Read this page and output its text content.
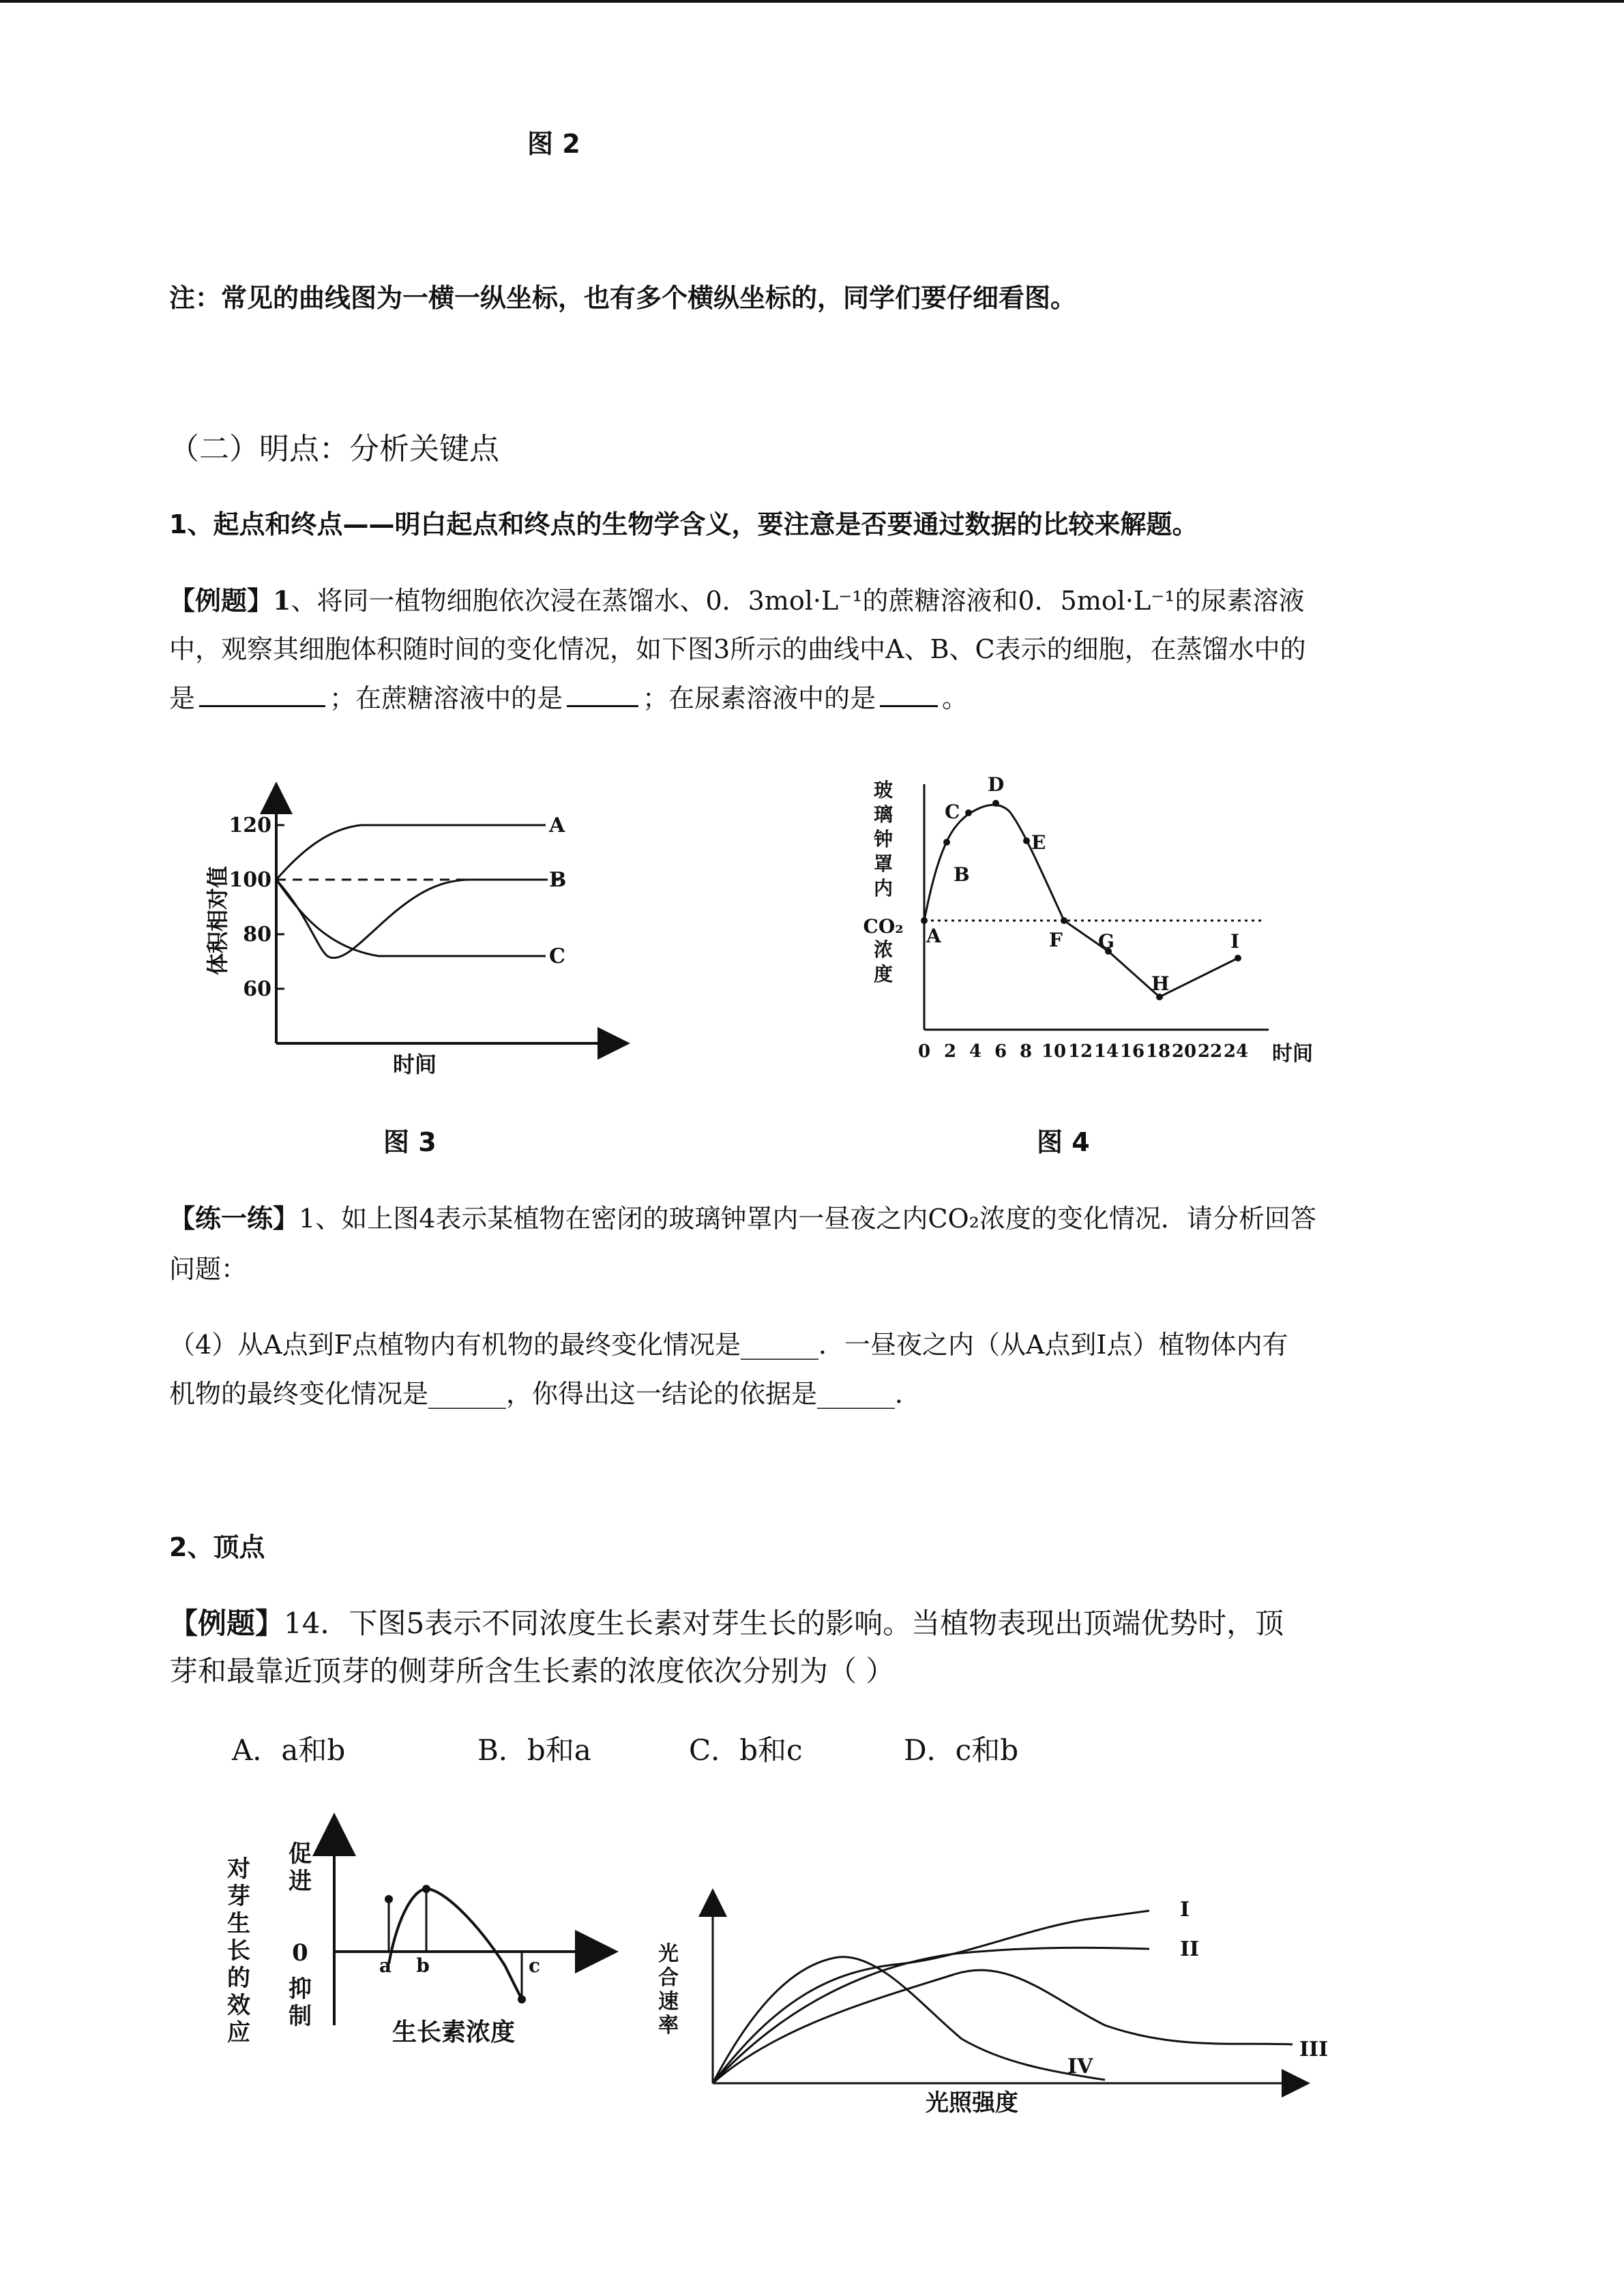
图 2
注：常见的曲线图为一横一纵坐标，也有多个横纵坐标的，同学们要仔细看图。
（二）明点：分析关键点
1、起点和终点——明白起点和终点的生物学含义，要注意是否要通过数据的比较来解题。
【例题】1、将同一植物细胞依次浸在蒸馏水、0．3mol·L⁻¹的蔗糖溶液和0．5mol·L⁻¹的尿素溶液
中，观察其细胞体积随时间的变化情况，如下图3所示的曲线中A、B、C表示的细胞，在蒸馏水中的
是	；在蔗糖溶液中的是	；在尿素溶液中的是	。
120
100
80
60
体积相对值
A
B
C
时间
玻
璃
钟
罩
内
CO₂
浓
度
A
B
C
D
E
F G
H
I
0 2 4 6 8 10 12 14 16 18 20 22 24 时间
图 3	图 4
【练一练】1、如上图4表示某植物在密闭的玻璃钟罩内一昼夜之内CO₂浓度的变化情况．请分析回答
问题：
（4）从A点到F点植物内有机物的最终变化情况是______．一昼夜之内（从A点到I点）植物体内有
机物的最终变化情况是______，你得出这一结论的依据是______．
2、顶点
【例题】14．下图5表示不同浓度生长素对芽生长的影响。当植物表现出顶端优势时，顶
芽和最靠近顶芽的侧芽所含生长素的浓度依次分别为（ ）
A．a和b	B．b和a	C．b和c	D．c和b
a b	c
对
芽
生
长
的
效
应
促
进
0
抑
制
生长素浓度
光
合
速
率
I
II
III
IV
光照强度
